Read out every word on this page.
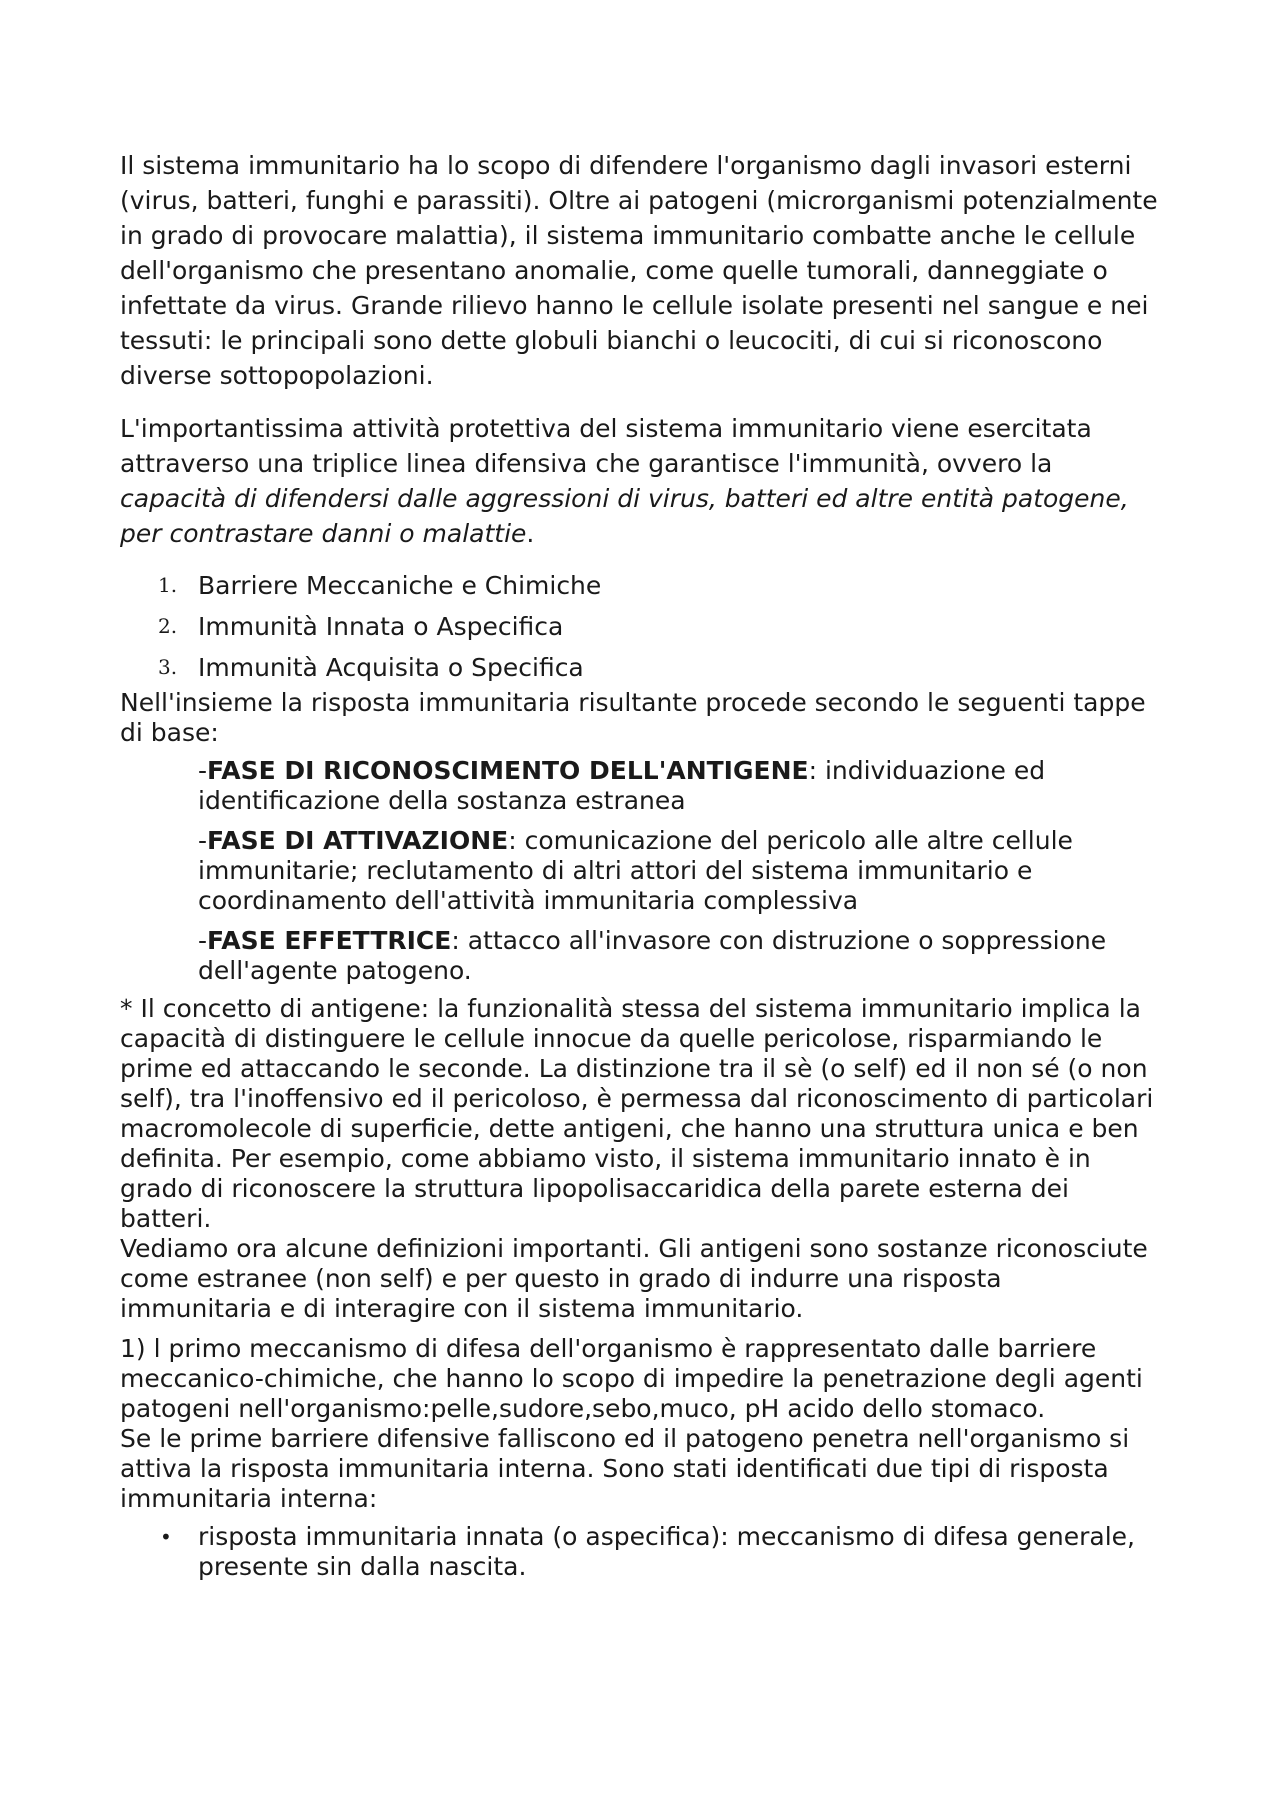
Il sistema immunitario ha lo scopo di difendere l'organismo dagli invasori esterni (virus, batteri, funghi e parassiti). Oltre ai patogeni (microrganismi potenzialmente in grado di provocare malattia), il sistema immunitario combatte anche le cellule dell'organismo che presentano anomalie, come quelle tumorali, danneggiate o infettate da virus. Grande rilievo hanno le cellule isolate presenti nel sangue e nei tessuti: le principali sono dette globuli bianchi o leucociti, di cui si riconoscono diverse sottopopolazioni.

L'importantissima attività protettiva del sistema immunitario viene esercitata attraverso una triplice linea difensiva che garantisce l'immunità, ovvero la capacità di difendersi dalle aggressioni di virus, batteri ed altre entità patogene, per contrastare danni o malattie.

1. Barriere Meccaniche e Chimiche
2. Immunità Innata o Aspecifica
3. Immunità Acquisita o Specifica

Nell'insieme la risposta immunitaria risultante procede secondo le seguenti tappe di base:

-FASE DI RICONOSCIMENTO DELL'ANTIGENE: individuazione ed identificazione della sostanza estranea

-FASE DI ATTIVAZIONE: comunicazione del pericolo alle altre cellule immunitarie; reclutamento di altri attori del sistema immunitario e coordinamento dell'attività immunitaria complessiva

-FASE EFFETTRICE: attacco all'invasore con distruzione o soppressione dell'agente patogeno.

* Il concetto di antigene: la funzionalità stessa del sistema immunitario implica la capacità di distinguere le cellule innocue da quelle pericolose, risparmiando le prime ed attaccando le seconde. La distinzione tra il sè (o self) ed il non sé (o non self), tra l'inoffensivo ed il pericoloso, è permessa dal riconoscimento di particolari macromolecole di superficie, dette antigeni, che hanno una struttura unica e ben definita. Per esempio, come abbiamo visto, il sistema immunitario innato è in grado di riconoscere la struttura lipopolisaccaridica della parete esterna dei batteri.

Vediamo ora alcune definizioni importanti. Gli antigeni sono sostanze riconosciute come estranee (non self) e per questo in grado di indurre una risposta immunitaria e di interagire con il sistema immunitario.

1) l primo meccanismo di difesa dell'organismo è rappresentato dalle barriere meccanico-chimiche, che hanno lo scopo di impedire la penetrazione degli agenti patogeni nell'organismo:pelle,sudore,sebo,muco, pH acido dello stomaco.

Se le prime barriere difensive falliscono ed il patogeno penetra nell'organismo si attiva la risposta immunitaria interna. Sono stati identificati due tipi di risposta immunitaria interna:

• risposta immunitaria innata (o aspecifica): meccanismo di difesa generale, presente sin dalla nascita.
